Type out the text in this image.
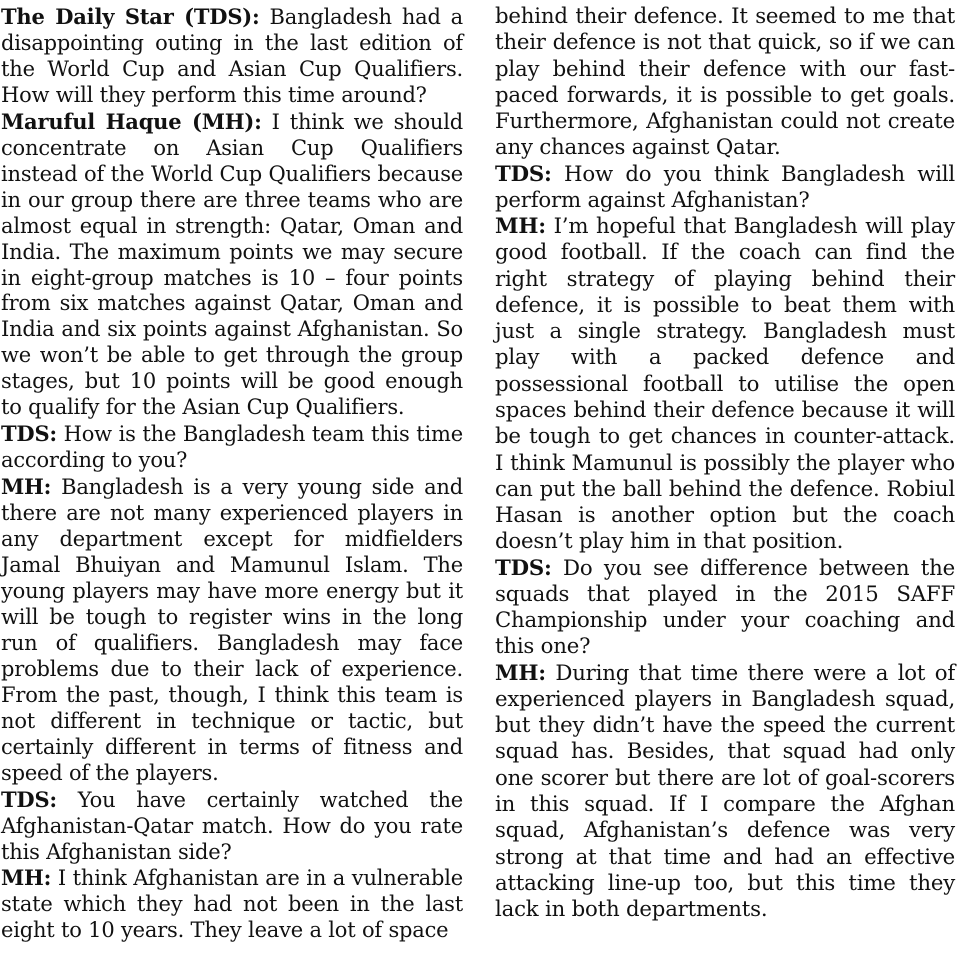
The Daily Star (TDS): Bangladesh had a disappointing outing in the last edition of the World Cup and Asian Cup Qualifiers. How will they perform this time around?

Maruful Haque (MH): I think we should concentrate on Asian Cup Qualifiers instead of the World Cup Qualifiers because in our group there are three teams who are almost equal in strength: Qatar, Oman and India. The maximum points we may secure in eight-group matches is 10 – four points from six matches against Qatar, Oman and India and six points against Afghanistan. So we won’t be able to get through the group stages, but 10 points will be good enough to qualify for the Asian Cup Qualifiers.

TDS: How is the Bangladesh team this time according to you?

MH: Bangladesh is a very young side and there are not many experienced players in any department except for midfielders Jamal Bhuiyan and Mamunul Islam. The young players may have more energy but it will be tough to register wins in the long run of qualifiers. Bangladesh may face problems due to their lack of experience. From the past, though, I think this team is not different in technique or tactic, but certainly different in terms of fitness and speed of the players.

TDS: You have certainly watched the Afghanistan-Qatar match. How do you rate this Afghanistan side?

MH: I think Afghanistan are in a vulnerable state which they had not been in the last eight to 10 years. They leave a lot of space

behind their defence. It seemed to me that their defence is not that quick, so if we can play behind their defence with our fast-paced forwards, it is possible to get goals. Furthermore, Afghanistan could not create any chances against Qatar.

TDS: How do you think Bangladesh will perform against Afghanistan?

MH: I’m hopeful that Bangladesh will play good football. If the coach can find the right strategy of playing behind their defence, it is possible to beat them with just a single strategy. Bangladesh must play with a packed defence and possessional football to utilise the open spaces behind their defence because it will be tough to get chances in counter-attack. I think Mamunul is possibly the player who can put the ball behind the defence. Robiul Hasan is another option but the coach doesn’t play him in that position.

TDS: Do you see difference between the squads that played in the 2015 SAFF Championship under your coaching and this one?

MH: During that time there were a lot of experienced players in Bangladesh squad, but they didn’t have the speed the current squad has. Besides, that squad had only one scorer but there are lot of goal-scorers in this squad. If I compare the Afghan squad, Afghanistan’s defence was very strong at that time and had an effective attacking line-up too, but this time they lack in both departments.
